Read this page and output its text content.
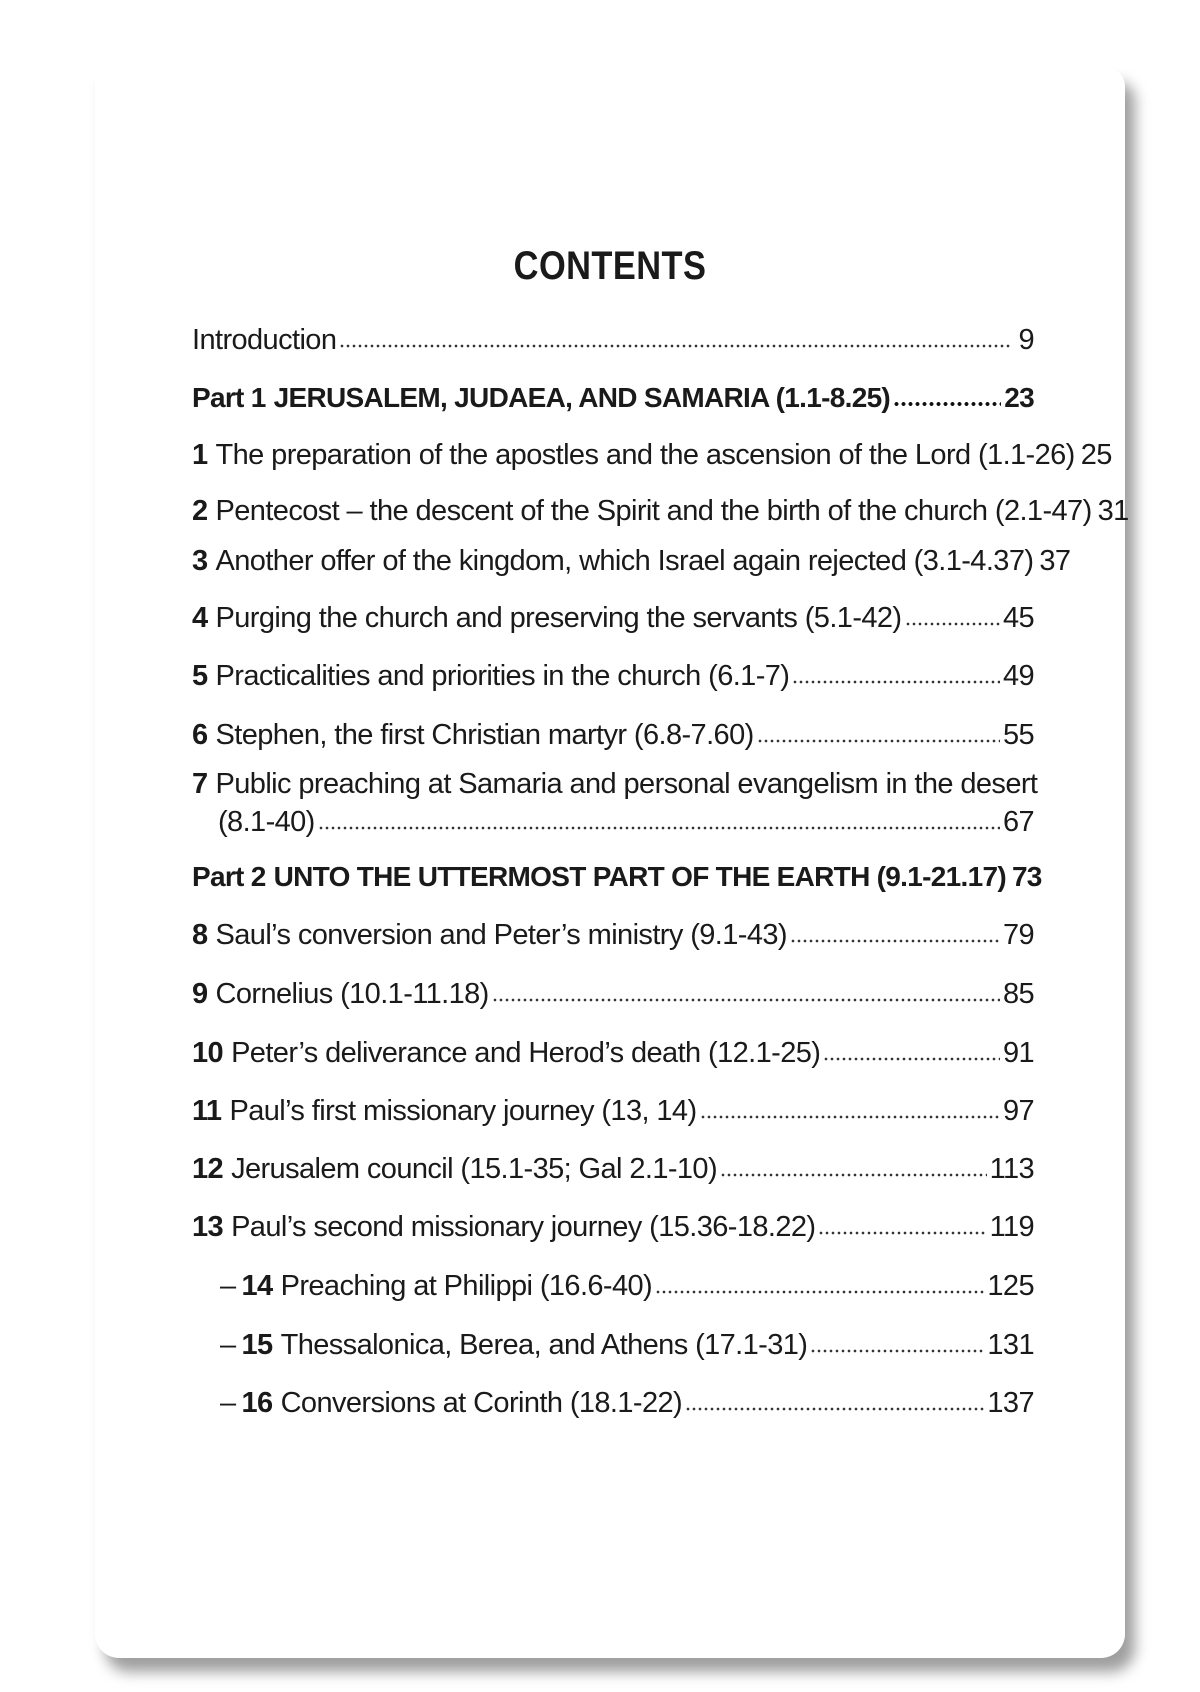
CONTENTS
Introduction	9
Part 1 JERUSALEM, JUDAEA, AND SAMARIA (1.1-8.25)	23
1 The preparation of the apostles and the ascension of the Lord (1.1-26) 25
2 Pentecost – the descent of the Spirit and the birth of the church (2.1-47) 31
3 Another offer of the kingdom, which Israel again rejected (3.1-4.37) 37
4 Purging the church and preserving the servants (5.1-42)	45
5 Practicalities and priorities in the church (6.1-7)	49
6 Stephen, the first Christian martyr (6.8-7.60)	55
7 Public preaching at Samaria and personal evangelism in the desert
(8.1-40)	67
Part 2 UNTO THE UTTERMOST PART OF THE EARTH (9.1-21.17) 73
8 Saul’s conversion and Peter’s ministry (9.1-43)	79
9 Cornelius (10.1-11.18)	85
10 Peter’s deliverance and Herod’s death (12.1-25)	91
11 Paul’s first missionary journey (13, 14)	97
12 Jerusalem council (15.1-35; Gal 2.1-10)	113
13 Paul’s second missionary journey (15.36-18.22)	119
– 14 Preaching at Philippi (16.6-40)	125
– 15 Thessalonica, Berea, and Athens (17.1-31)	131
– 16 Conversions at Corinth (18.1-22)	137
